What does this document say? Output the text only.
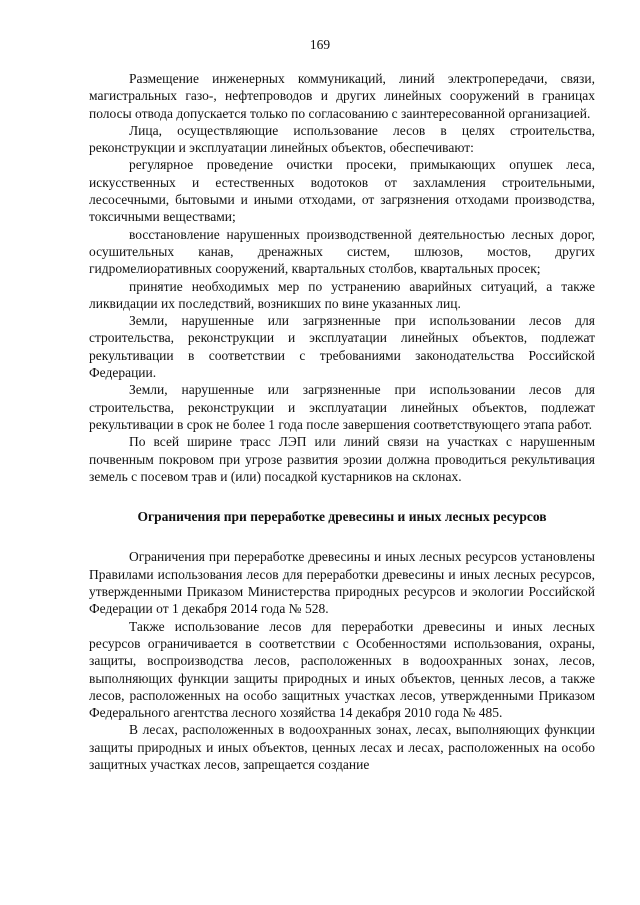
169

Размещение инженерных коммуникаций, линий электропередачи, связи, магистральных газо-, нефтепроводов и других линейных сооружений в границах полосы отвода допускается только по согласованию с заинтересованной организацией.

Лица, осуществляющие использование лесов в целях строительства, реконструкции и эксплуатации линейных объектов, обеспечивают:

регулярное проведение очистки просеки, примыкающих опушек леса, искусственных и естественных водотоков от захламления строительными, лесосечными, бытовыми и иными отходами, от загрязнения отходами производства, токсичными веществами;

восстановление нарушенных производственной деятельностью лесных дорог, осушительных канав, дренажных систем, шлюзов, мостов, других гидромелиоративных сооружений, квартальных столбов, квартальных просек;

принятие необходимых мер по устранению аварийных ситуаций, а также ликвидации их последствий, возникших по вине указанных лиц.

Земли, нарушенные или загрязненные при использовании лесов для строительства, реконструкции и эксплуатации линейных объектов, подлежат рекультивации в соответствии с требованиями законодательства Российской Федерации.

Земли, нарушенные или загрязненные при использовании лесов для строительства, реконструкции и эксплуатации линейных объектов, подлежат рекультивации в срок не более 1 года после завершения соответствующего этапа работ.

По всей ширине трасс ЛЭП или линий связи на участках с нарушенным почвенным покровом при угрозе развития эрозии должна проводиться рекультивация земель с посевом трав и (или) посадкой кустарников на склонах.

Ограничения при переработке древесины и иных лесных ресурсов

Ограничения при переработке древесины и иных лесных ресурсов установлены Правилами использования лесов для переработки древесины и иных лесных ресурсов, утвержденными Приказом Министерства природных ресурсов и экологии Российской Федерации от 1 декабря 2014 года № 528.

Также использование лесов для переработки древесины и иных лесных ресурсов ограничивается в соответствии с Особенностями использования, охраны, защиты, воспроизводства лесов, расположенных в водоохранных зонах, лесов, выполняющих функции защиты природных и иных объектов, ценных лесов, а также лесов, расположенных на особо защитных участках лесов, утвержденными Приказом Федерального агентства лесного хозяйства 14 декабря 2010 года № 485.

В лесах, расположенных в водоохранных зонах, лесах, выполняющих функции защиты природных и иных объектов, ценных лесах и лесах, расположенных на особо защитных участках лесов, запрещается создание
